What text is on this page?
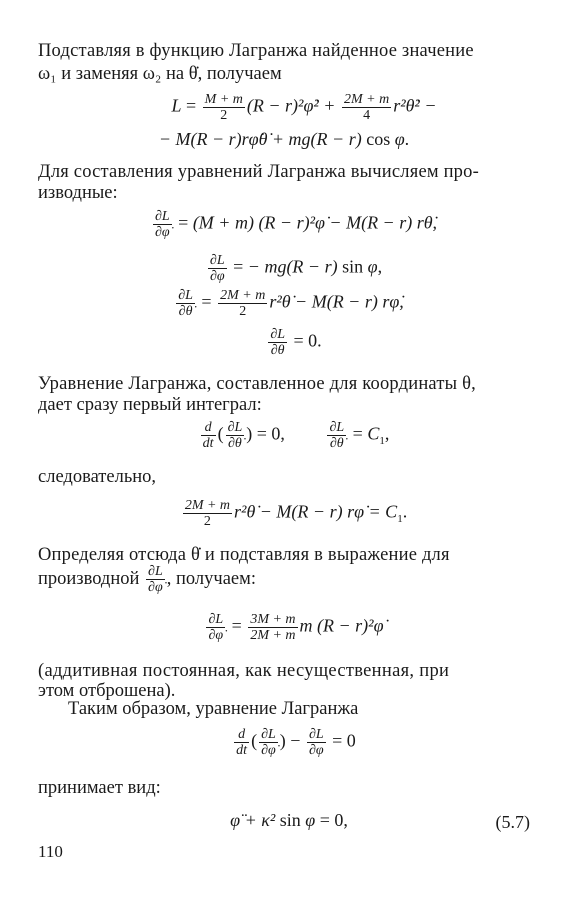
Подставляя в функцию Лагранжа найденное значение
ω₁ и заменяя ω₂ на θ̇, получаем
$L = \frac{M + m}{2} (R$ − r)²φ̇² + $\frac{2M + m}{4}$ r²θ̇² −
− M(R − r)rφ̇θ̇ + mg(R − r) cos φ.
Для составления уравнений Лагранжа вычисляем про-
изводные:
$\frac{\partial L}{\partial\varphi̇} = (M + m) (R$ − r)²φ̇ − M(R − r) rθ̇,
$\frac{\partial L}{\partial\varphi}$ = − mg(R − r) sin φ,
$\frac{\partial L}{\partial\thetȧ} = \frac{2M + m}{2}$ r²θ̇ − M(R − r) rφ̇,
$\frac{\partial L}{\partial\theta} = 0$.
Уравнение Лагранжа, составленное для координаты θ,
дает сразу первый интеграл:
$\frac{d}{dt}$ ( $\frac{\partial L}{\partial\thetȧ}$ ) = 0, $\frac{\partial L}{\partial\thetȧ} = C_1$,
следовательно,
$\frac{2M + m}{2}$ r²θ̇ − M(R − r) rφ̇ = $C_1$.
Определяя отсюда θ̇ и подставляя в выражение для
производной $\frac{\partial L}{\partial\varphi̇}$ , получаем:
$\frac{\partial L}{\partial\varphi̇} = \frac{3M + m}{2M + m}$ m (R − r)²φ̇
(аддитивная постоянная, как несущественная, при
этом отброшена).
Таким образом, уравнение Лагранжа
$\frac{d}{dt}$ ( $\frac{\partial L}{\partial\varphi̇}$ ) − $\frac{\partial L}{\partial\varphi} = 0$
принимает вид:
φ̈ + κ² sin φ = 0,	(5.7)
110
